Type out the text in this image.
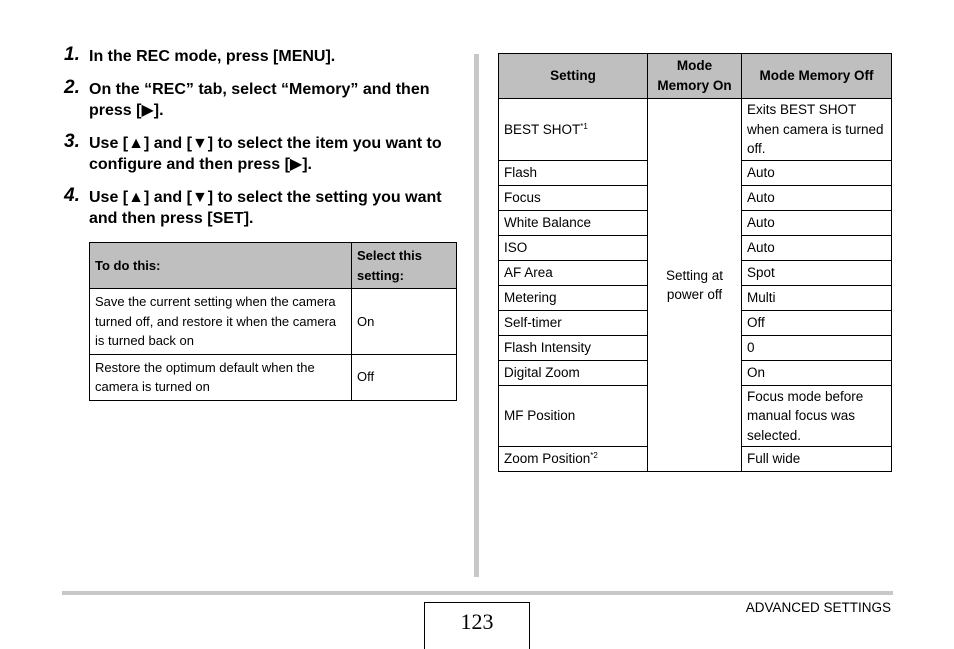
1. In the REC mode, press [MENU].
2. On the “REC” tab, select “Memory” and then press [▶].
3. Use [▲] and [▼] to select the item you want to configure and then press [▶].
4. Use [▲] and [▼] to select the setting you want and then press [SET].
To do this:	Select this setting:
Save the current setting when the camera turned off, and restore it when the camera is turned back on	On
Restore the optimum default when the camera is turned on	Off
Setting	Mode Memory On	Mode Memory Off
BEST SHOT$^{*1}$	Setting at power off	Exits BEST SHOT when camera is turned off.
Flash		Auto
Focus		Auto
White Balance		Auto
ISO		Auto
AF Area		Spot
Metering		Multi
Self-timer		Off
Flash Intensity		0
Digital Zoom		On
MF Position		Focus mode before manual focus was selected.
Zoom Position$^{*2}$		Full wide
123
ADVANCED SETTINGS
